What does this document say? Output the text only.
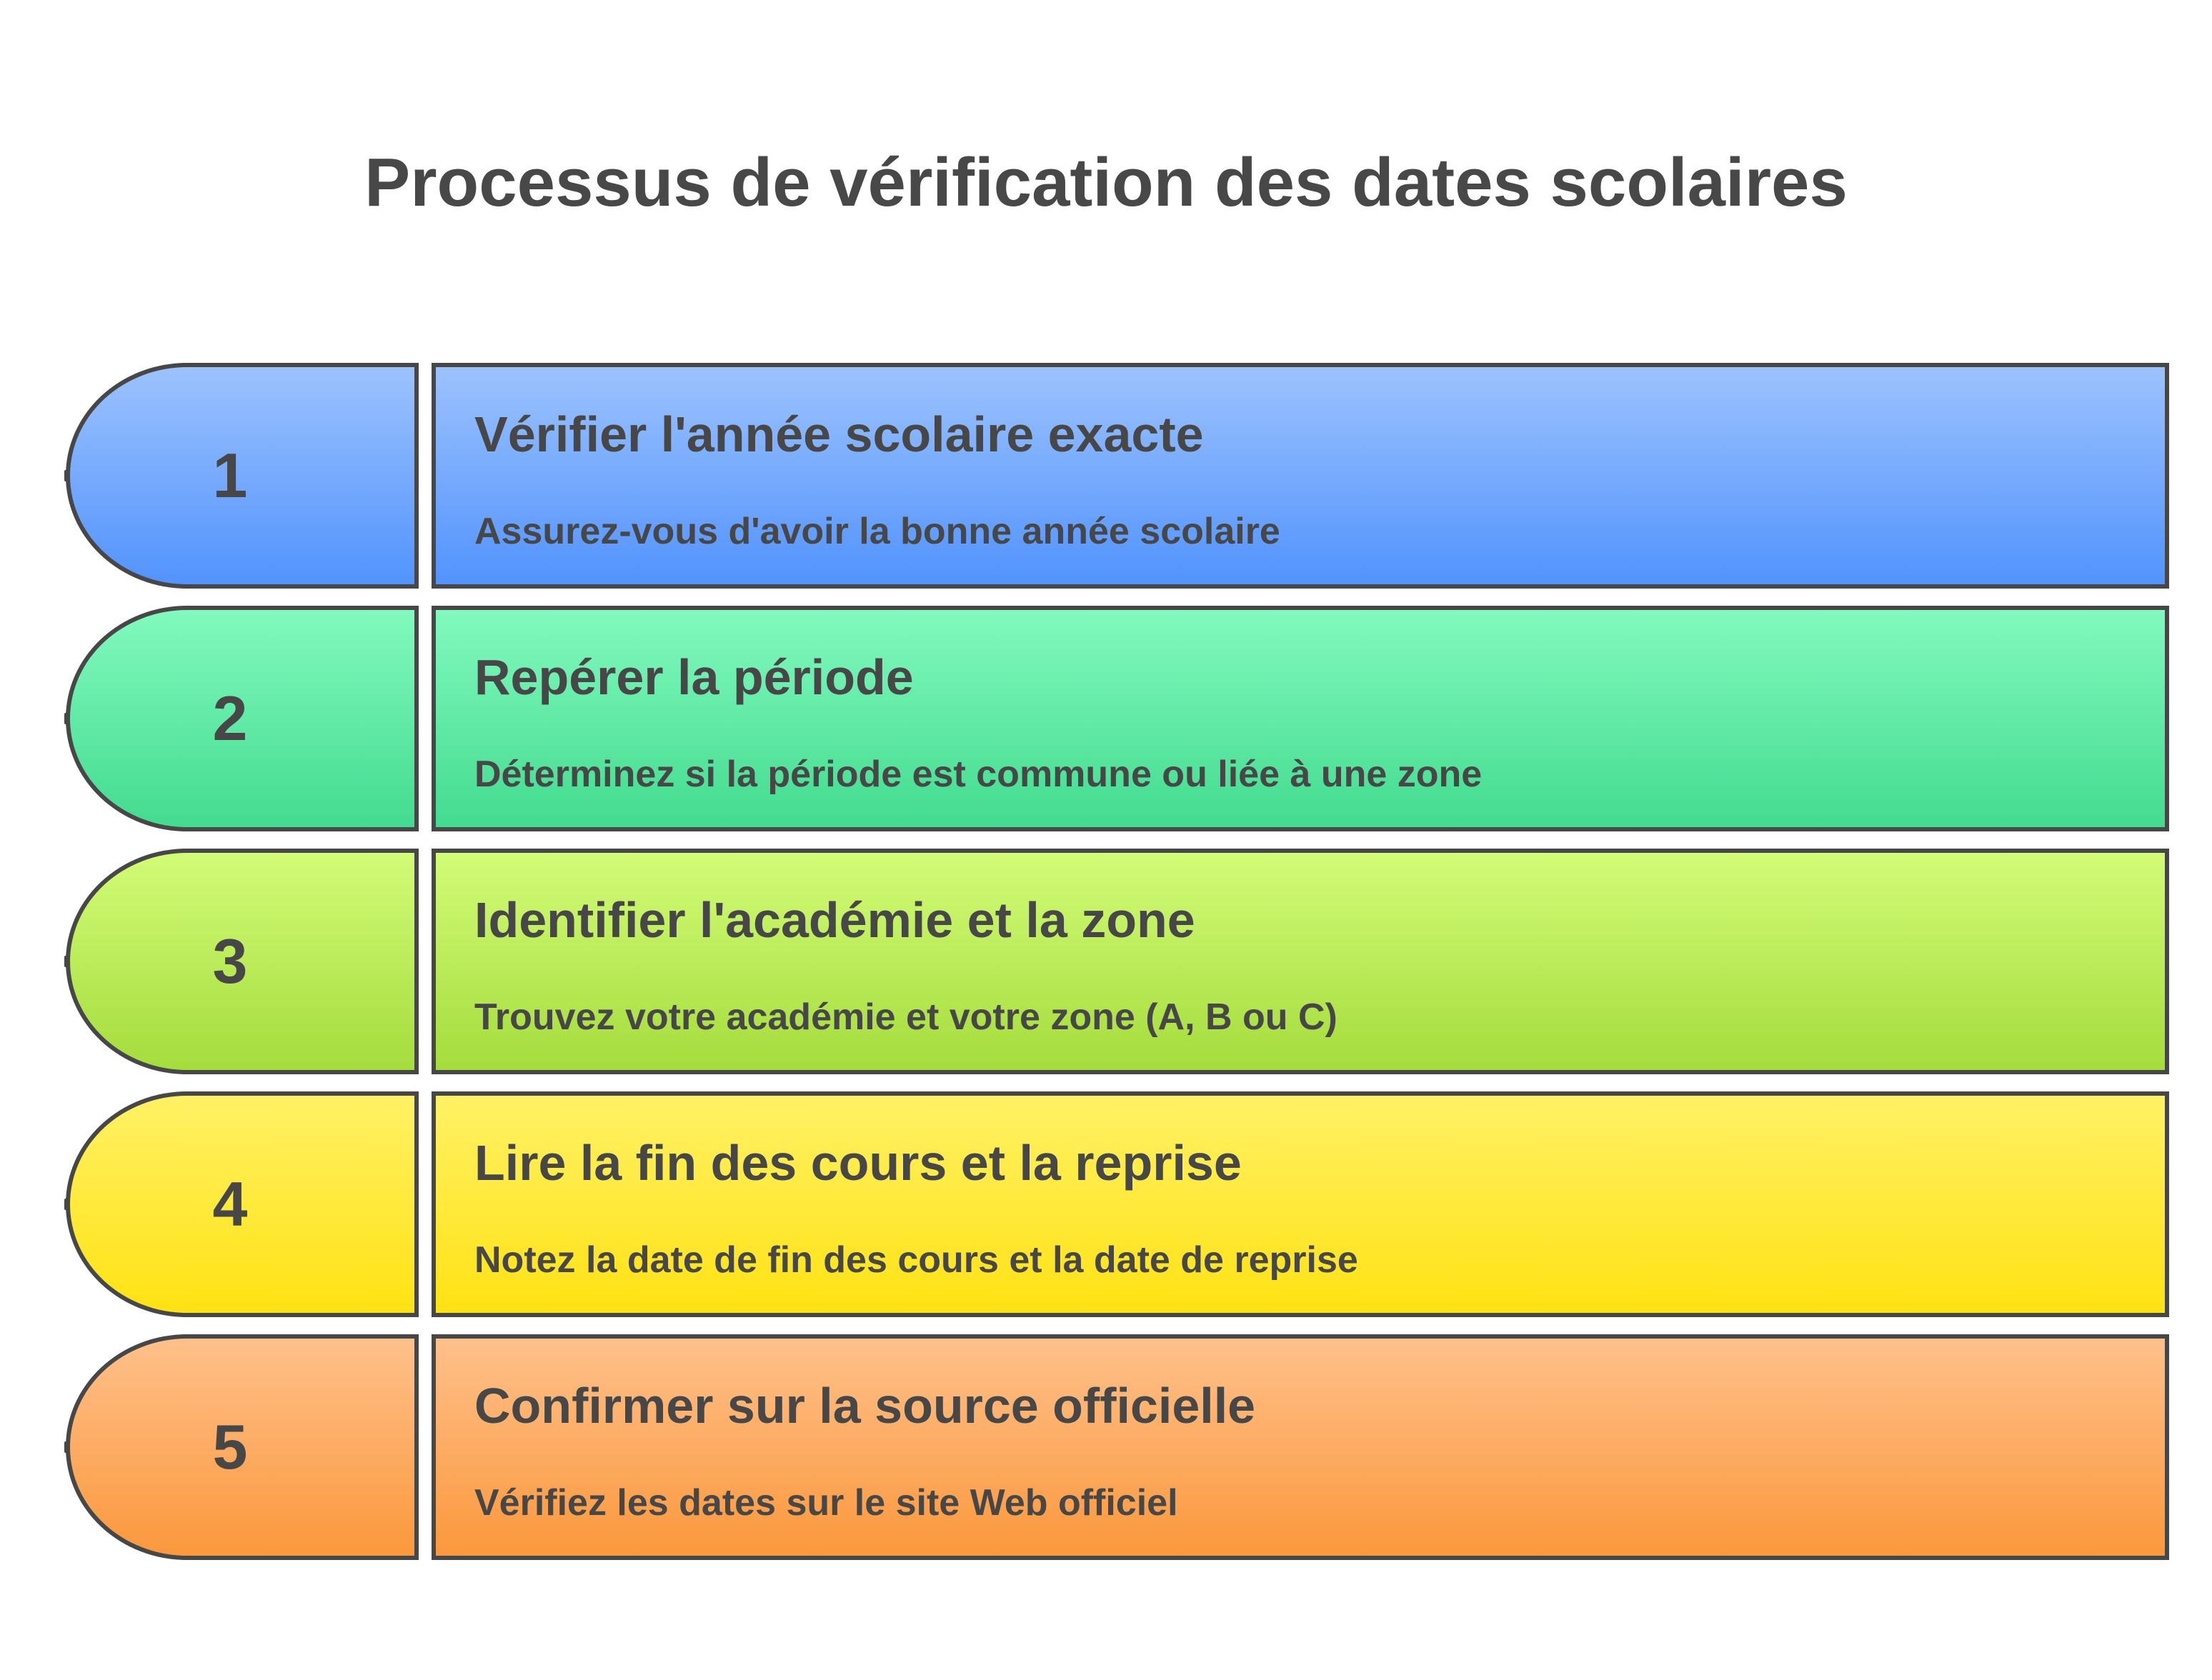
Processus de vérification des dates scolaires
1
Vérifier l'année scolaire exacte
Assurez-vous d'avoir la bonne année scolaire
2
Repérer la période
Déterminez si la période est commune ou liée à une zone
3
Identifier l'académie et la zone
Trouvez votre académie et votre zone (A, B ou C)
4
Lire la fin des cours et la reprise
Notez la date de fin des cours et la date de reprise
5
Confirmer sur la source officielle
Vérifiez les dates sur le site Web officiel
